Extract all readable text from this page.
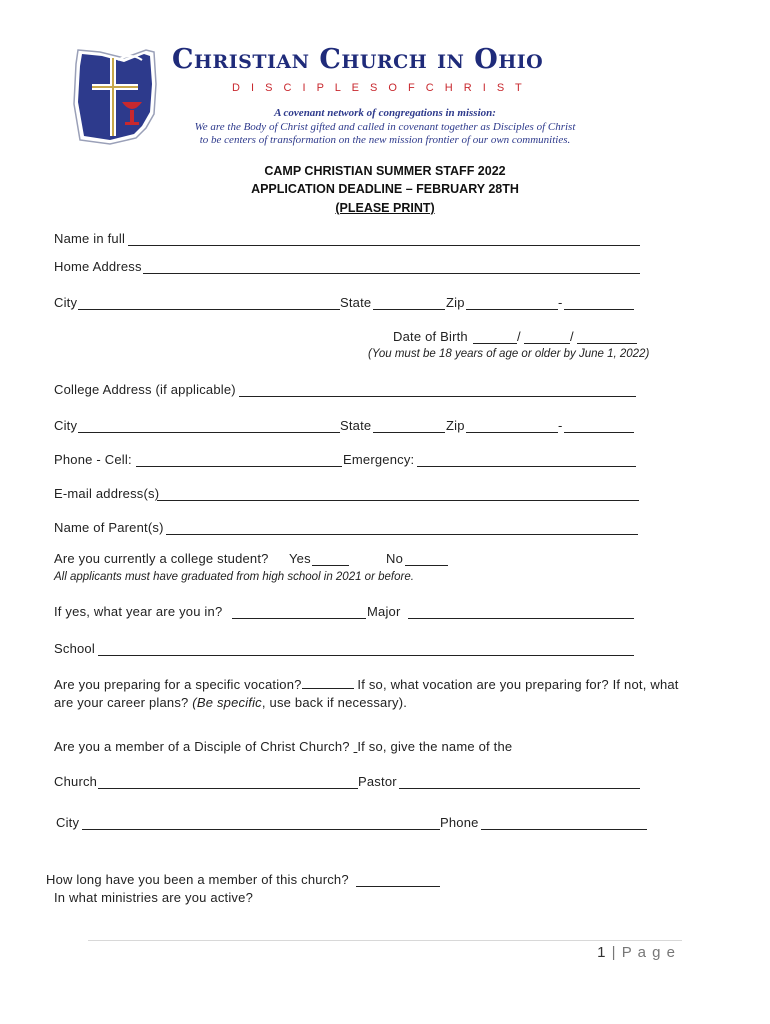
Christian Church in Ohio
D I S C I P L E S O F C H R I S T
A covenant network of congregations in mission:
We are the Body of Christ gifted and called in covenant together as Disciples of Christ
to be centers of transformation on the new mission frontier of our own communities.
CAMP CHRISTIAN SUMMER STAFF 2022
APPLICATION DEADLINE – FEBRUARY 28TH
(PLEASE PRINT)
Name in full
Home Address
City	State	Zip	-
Date of Birth	/	/
(You must be 18 years of age or older by June 1, 2022)
College Address (if applicable)
City	State	Zip	-
Phone - Cell:	Emergency:
E-mail address(s)
Name of Parent(s)
Are you currently a college student? Yes	No
All applicants must have graduated from high school in 2021 or before.
If yes, what year are you in?	Major
School
Are you preparing for a specific vocation?	If so, what vocation are you preparing for? If not, what
are your career plans? (Be specific, use back if necessary).
Are you a member of a Disciple of Christ Church? If so, give the name of the
Church	Pastor
City	Phone
How long have you been a member of this church?
In what ministries are you active?
1 | P a g e
